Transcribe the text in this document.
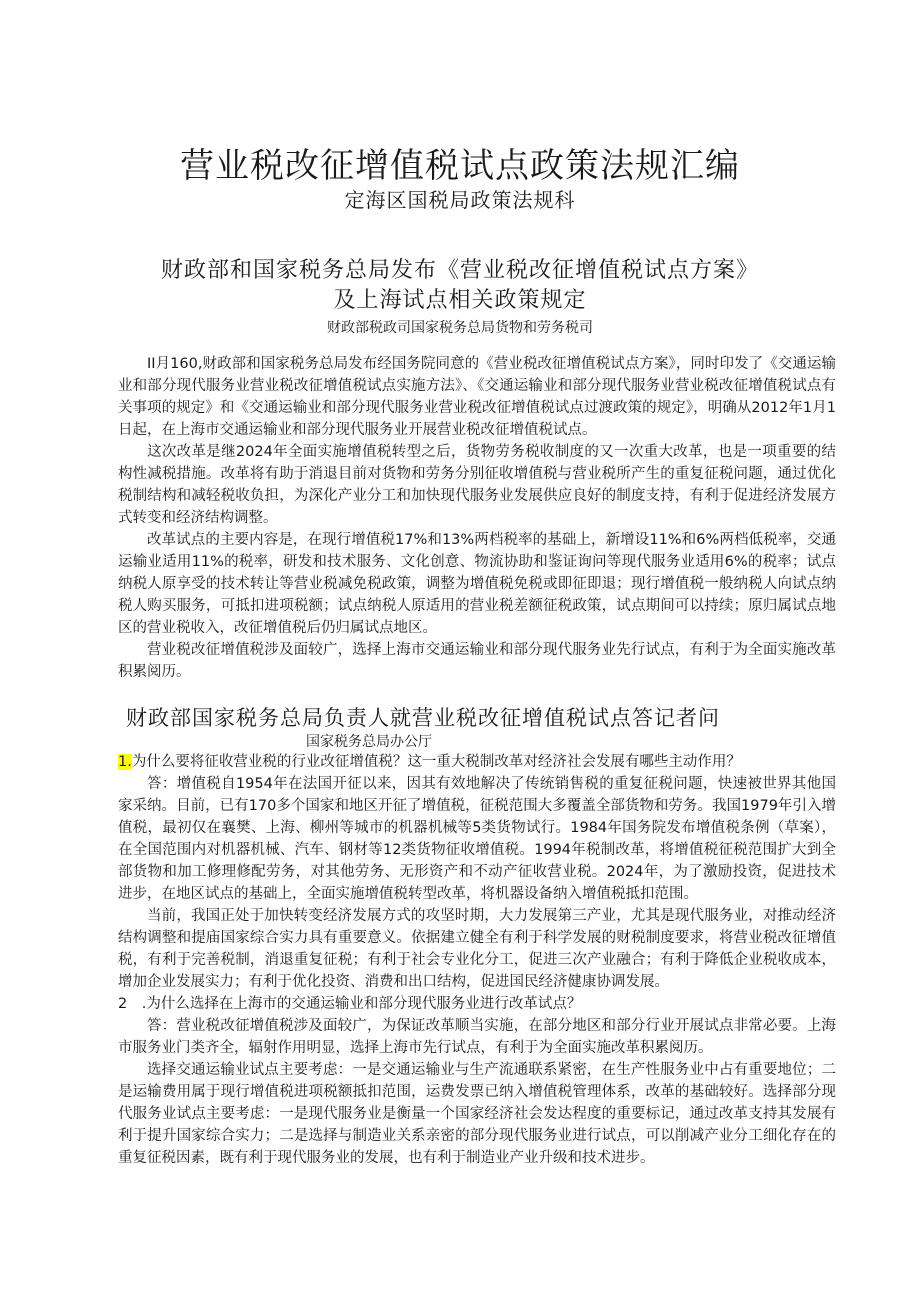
营业税改征增值税试点政策法规汇编
定海区国税局政策法规科
财政部和国家税务总局发布《营业税改征增值税试点方案》
及上海试点相关政策规定
财政部税政司国家税务总局货物和劳务税司

II月160,财政部和国家税务总局发布经国务院同意的《营业税改征增值税试点方案》，同时印发了《交通运输业和部分现代服务业营业税改征增值税试点实施方法》、《交通运输业和部分现代服务业营业税改征增值税试点有关事项的规定》和《交通运输业和部分现代服务业营业税改征增值税试点过渡政策的规定》，明确从2012年1月1日起，在上海市交通运输业和部分现代服务业开展营业税改征增值税试点。

这次改革是继2024年全面实施增值税转型之后，货物劳务税收制度的又一次重大改革，也是一项重要的结构性减税措施。改革将有助于消退目前对货物和劳务分别征收增值税与营业税所产生的重复征税问题，通过优化税制结构和减轻税收负担，为深化产业分工和加快现代服务业发展供应良好的制度支持，有利于促进经济发展方式转变和经济结构调整。

改革试点的主要内容是，在现行增值税17%和13%两档税率的基础上，新增设11%和6%两档低税率，交通运输业适用11%的税率，研发和技术服务、文化创意、物流协助和鉴证询问等现代服务业适用6%的税率；试点纳税人原享受的技术转让等营业税减免税政策，调整为增值税免税或即征即退；现行增值税一般纳税人向试点纳税人购买服务，可抵扣进项税额；试点纳税人原适用的营业税差额征税政策，试点期间可以持续；原归属试点地区的营业税收入，改征增值税后仍归属试点地区。

营业税改征增值税涉及面较广，选择上海市交通运输业和部分现代服务业先行试点，有利于为全面实施改革积累阅历。

财政部国家税务总局负责人就营业税改征增值税试点答记者问
国家税务总局办公厅

1.为什么要将征收营业税的行业改征增值税？这一重大税制改革对经济社会发展有哪些主动作用？

答：增值税自1954年在法国开征以来，因其有效地解决了传统销售税的重复征税问题，快速被世界其他国家采纳。目前，已有170多个国家和地区开征了增值税，征税范围大多覆盖全部货物和劳务。我国1979年引入增值税，最初仅在襄樊、上海、柳州等城市的机器机械等5类货物试行。1984年国务院发布增值税条例（草案），在全国范围内对机器机械、汽车、钢材等12类货物征收增值税。1994年税制改革，将增值税征税范围扩大到全部货物和加工修理修配劳务，对其他劳务、无形资产和不动产征收营业税。2024年，为了激励投资，促进技术进步，在地区试点的基础上，全面实施增值税转型改革，将机器设备纳入增值税抵扣范围。

当前，我国正处于加快转变经济发展方式的攻坚时期，大力发展第三产业，尤其是现代服务业，对推动经济结构调整和提庙国家综合实力具有重要意义。依据建立健全有利于科学发展的财税制度要求，将营业税改征增值税，有利于完善税制，消退重复征税；有利于社会专业化分工，促进三次产业融合；有利于降低企业税收成本，增加企业发展实力；有利于优化投资、消费和出口结构，促进国民经济健康协调发展。

2　.为什么选择在上海市的交通运输业和部分现代服务业进行改革试点？

答：营业税改征增值税涉及面较广，为保证改革顺当实施，在部分地区和部分行业开展试点非常必要。上海市服务业门类齐全，辐射作用明显，选择上海市先行试点，有利于为全面实施改革积累阅历。

选择交通运输业试点主要考虑：一是交通运输业与生产流通联系紧密，在生产性服务业中占有重要地位；二是运输费用属于现行增值税进项税额抵扣范围，运费发票已纳入增值税管理体系，改革的基础较好。选择部分现代服务业试点主要考虑：一是现代服务业是衡量一个国家经济社会发达程度的重要标记，通过改革支持其发展有利于提升国家综合实力；二是选择与制造业关系亲密的部分现代服务业进行试点，可以削减产业分工细化存在的重复征税因素，既有利于现代服务业的发展，也有利于制造业产业升级和技术进步。
